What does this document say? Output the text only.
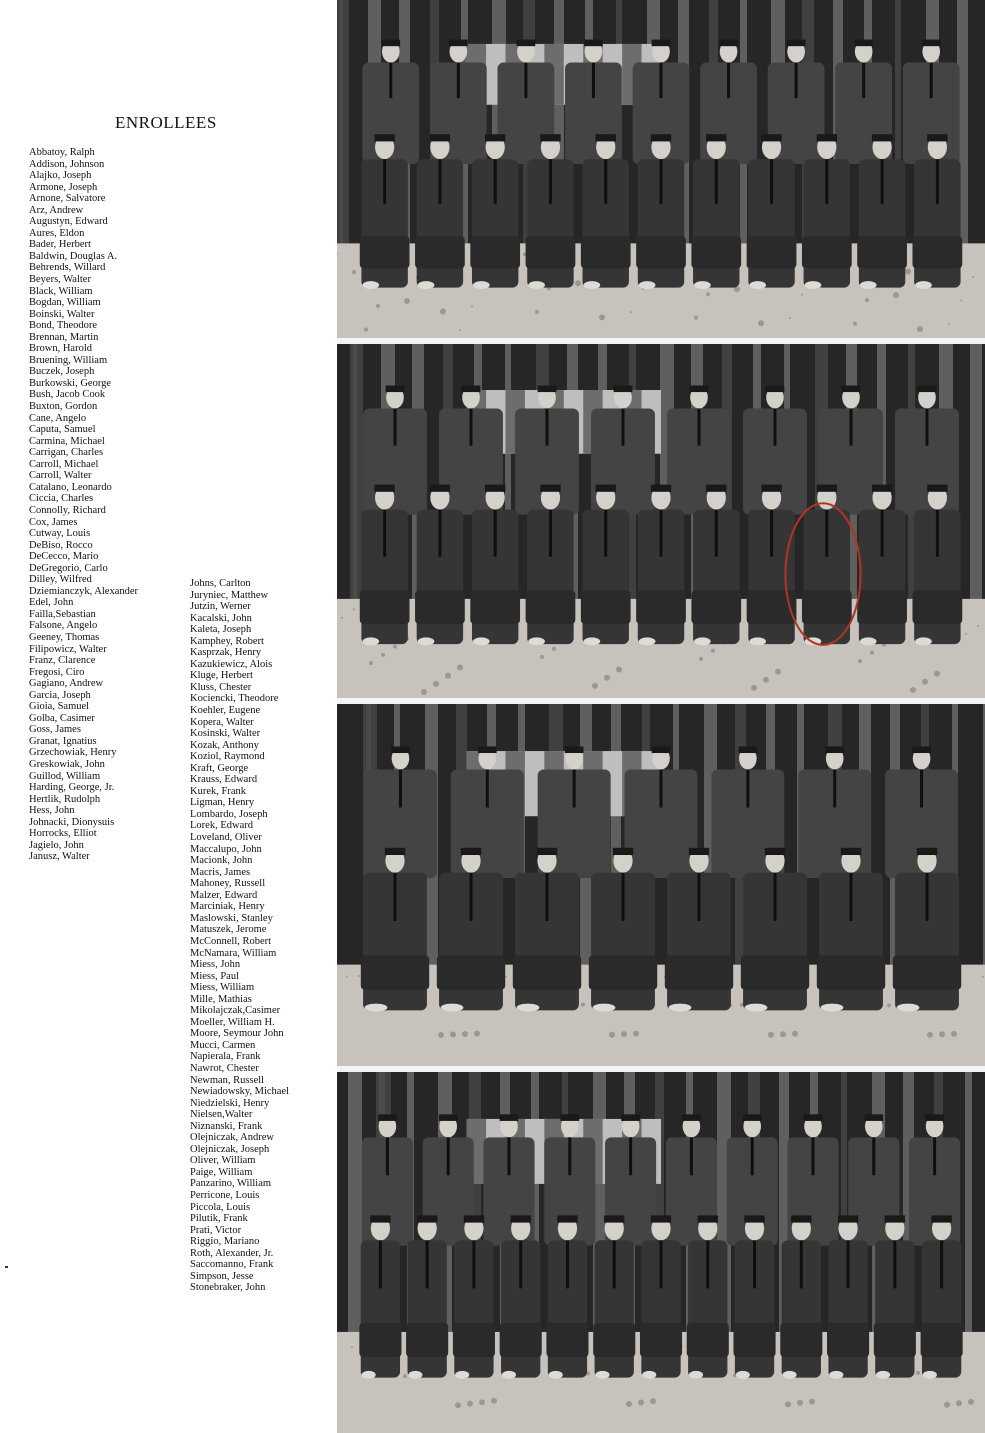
ENROLLEES
Abbatoy, Ralph
Addison, Johnson
Alajko, Joseph
Armone, Joseph
Arnone, Salvatore
Arz, Andrew
Augustyn, Edward
Aures, Eldon
Bader, Herbert
Baldwin, Douglas A.
Behrends, Willard
Beyers, Walter
Black, William
Bogdan, William
Boinski, Walter
Bond, Theodore
Brennan, Martin
Brown, Harold
Bruening, William
Buczek, Joseph
Burkowski, George
Bush, Jacob Cook
Buxton, Gordon
Cane, Angelo
Caputa, Samuel
Carmina, Michael
Carrigan, Charles
Carroll, Michael
Carroll, Walter
Catalano, Leonardo
Ciccia, Charles
Connolly, Richard
Cox, James
Cutway, Louis
DeBiso, Rocco
DeCecco, Mario
DeGregorio, Carlo
Dilley, Wilfred
Dziemianczyk, Alexander
Edel, John
Failla,Sebastian
Falsone, Angelo
Geeney, Thomas
Filipowicz, Walter
Franz, Clarence
Fregosi, Ciro
Gagiano, Andrew
Garcia, Joseph
Gioia, Samuel
Golba, Casimer
Goss, James
Granat, Ignatius
Grzechowiak, Henry
Greskowiak, John
Guillod, William
Harding, George, Jr.
Hertlik, Rudolph
Hess, John
Johnacki, Dionysuis
Horrocks, Elliot
Jagielo, John
Janusz, Walter
Johns, Carlton
Juryniec, Matthew
Jutzin, Werner
Kacalski, John
Kaleta, Joseph
Kamphey, Robert
Kasprzak, Henry
Kazukiewicz, Alois
Kluge, Herbert
Kluss, Chester
Kociencki, Theodore
Koehler, Eugene
Kopera, Walter
Kosinski, Walter
Kozak, Anthony
Koziol, Raymond
Kraft, George
Krauss, Edward
Kurek, Frank
Ligman, Henry
Lombardo, Joseph
Lorek, Edward
Loveland, Oliver
Maccalupo, John
Macionk, John
Macris, James
Mahoney, Russell
Malzer, Edward
Marciniak, Henry
Maslowski, Stanley
Matuszek, Jerome
McConnell, Robert
McNamara, William
Miess, John
Miess, Paul
Miess, William
Mille, Mathias
Mikolajczak,Casimer
Moeller, William H.
Moore, Seymour John
Mucci, Carmen
Napierala, Frank
Nawrot, Chester
Newman, Russell
Newiadowsky, Michael
Niedzielski, Henry
Nielsen,Walter
Niznanski, Frank
Olejniczak, Andrew
Olejniczak, Joseph
Oliver, William
Paige, William
Panzarino, William
Perricone, Louis
Piccola, Louis
Pilutik, Frank
Prati, Victor
Riggio, Mariano
Roth, Alexander, Jr.
Saccomanno, Frank
Simpson, Jesse
Stonebraker, John
